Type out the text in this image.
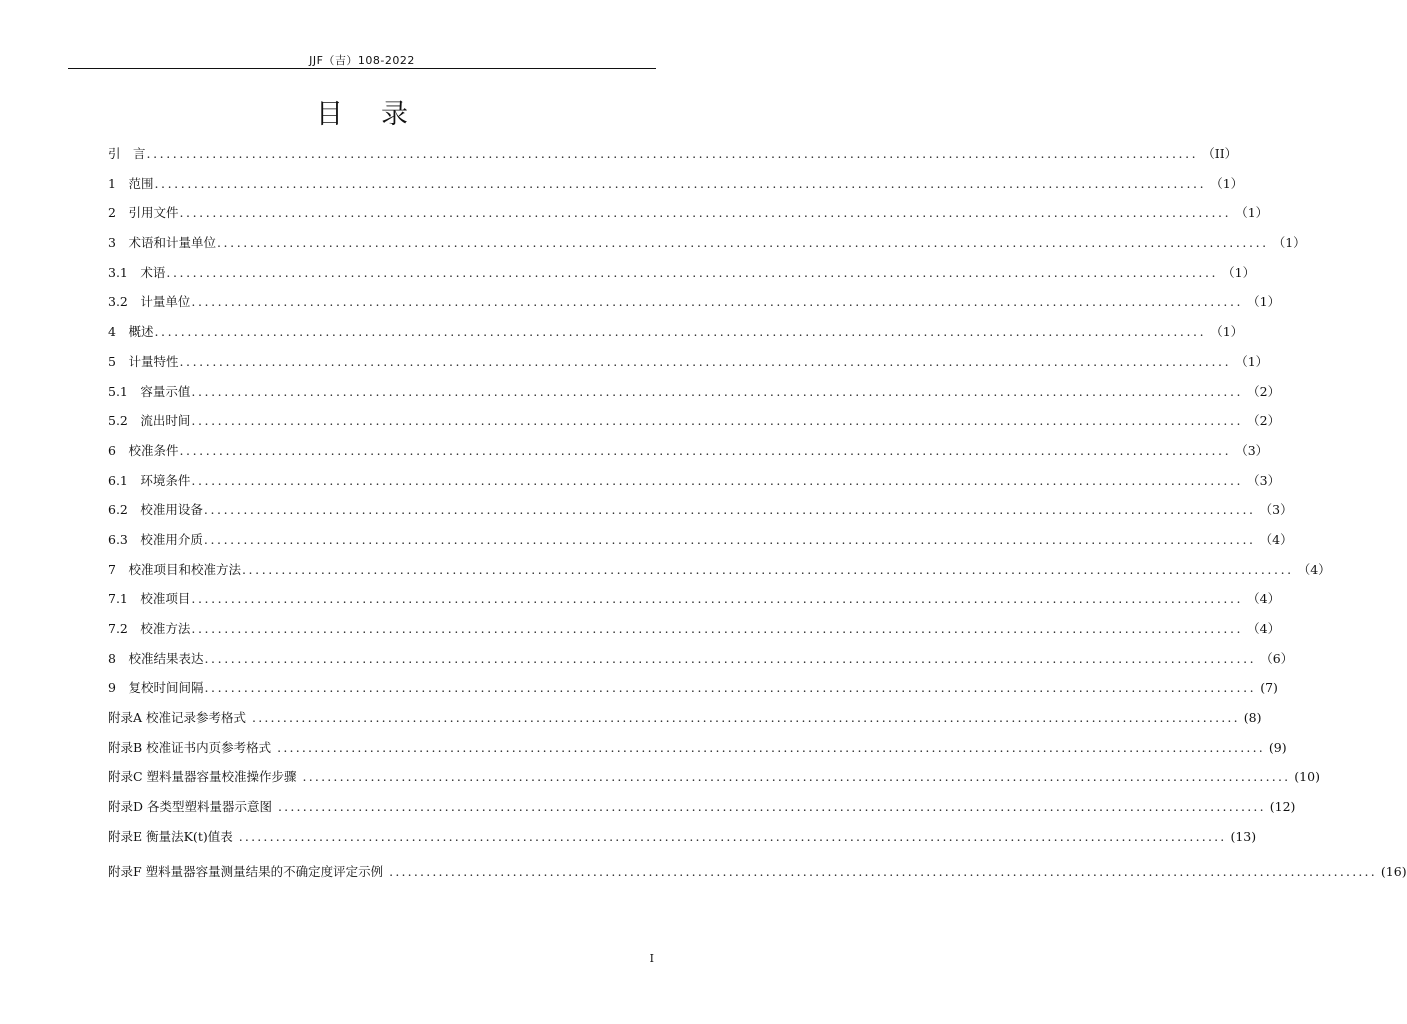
JJF（吉）108-2022
目录
引　言 ................................................................................................................................................................ （II）
1　范围 ................................................................................................................................................................ （1）
2　引用文件 ................................................................................................................................................................ （1）
3　术语和计量单位 ................................................................................................................................................................ （1）
3.1　术语 ................................................................................................................................................................ （1）
3.2　计量单位 ................................................................................................................................................................ （1）
4　概述 ................................................................................................................................................................ （1）
5　计量特性 ................................................................................................................................................................ （1）
5.1　容量示值 ................................................................................................................................................................ （2）
5.2　流出时间 ................................................................................................................................................................ （2）
6　校准条件 ................................................................................................................................................................ （3）
6.1　环境条件 ................................................................................................................................................................ （3）
6.2　校准用设备 ................................................................................................................................................................ （3）
6.3　校准用介质 ................................................................................................................................................................ （4）
7　校准项目和校准方法 ................................................................................................................................................................ （4）
7.1　校准项目 ................................................................................................................................................................ （4）
7.2　校准方法 ................................................................................................................................................................ （4）
8　校准结果表达 ................................................................................................................................................................ （6）
9　复校时间间隔 ................................................................................................................................................................ (7)
附录A 校准记录参考格式 ................................................................................................................................................................ (8)
附录B 校准证书内页参考格式 ................................................................................................................................................................ (9)
附录C 塑料量器容量校准操作步骤 ................................................................................................................................................................ (10)
附录D 各类型塑料量器示意图 ................................................................................................................................................................ (12)
附录E 衡量法K(t)值表 ................................................................................................................................................................ (13)
附录F 塑料量器容量测量结果的不确定度评定示例 ................................................................................................................................................................ (16)
I
